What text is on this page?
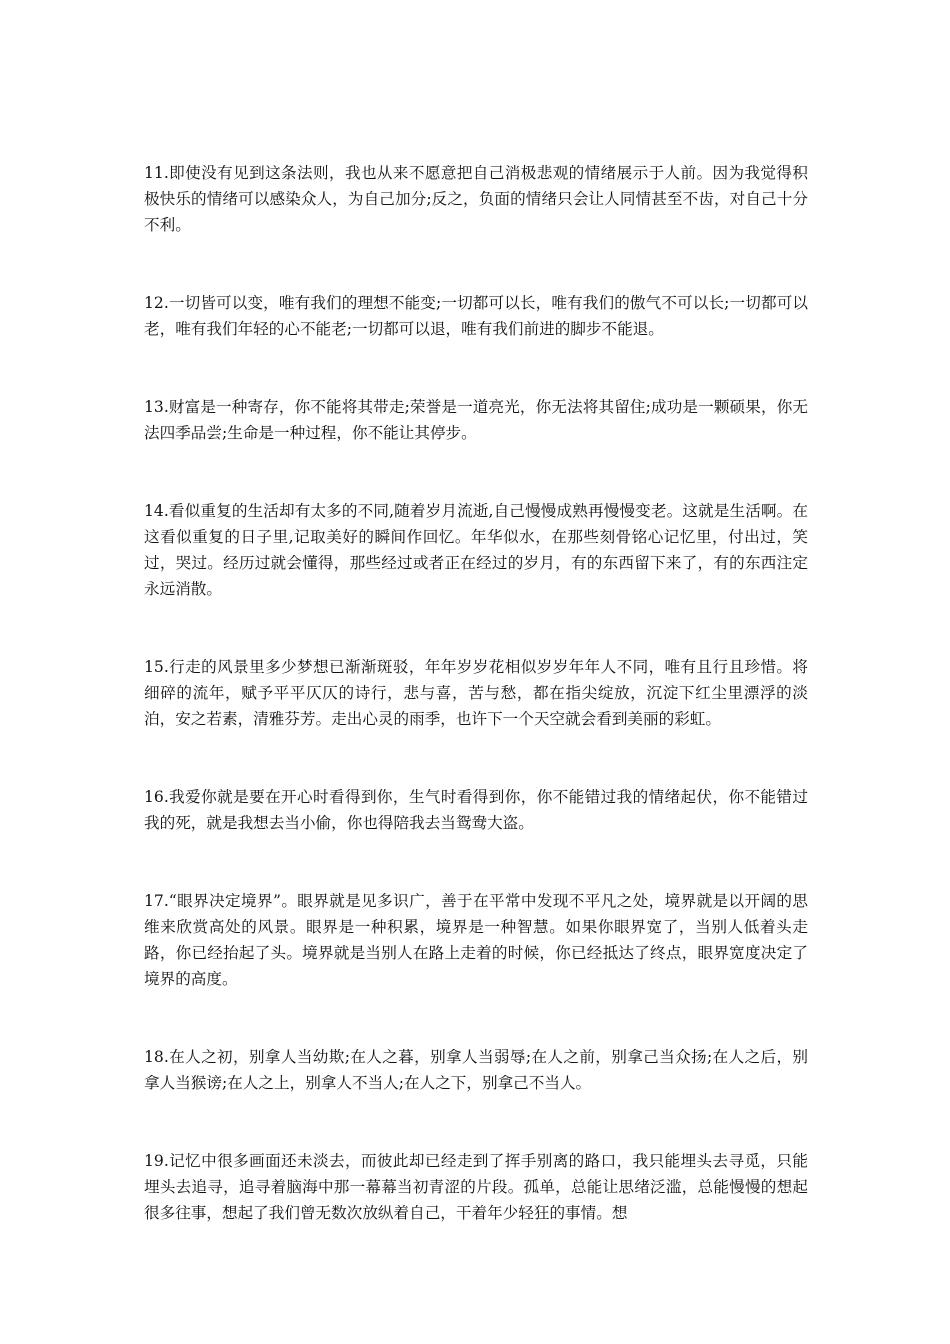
11.即使没有见到这条法则，我也从来不愿意把自己消极悲观的情绪展示于人前。因为我觉得积极快乐的情绪可以感染众人，为自己加分;反之，负面的情绪只会让人同情甚至不齿，对自己十分不利。

12.一切皆可以变，唯有我们的理想不能变;一切都可以长，唯有我们的傲气不可以长;一切都可以老，唯有我们年轻的心不能老;一切都可以退，唯有我们前进的脚步不能退。

13.财富是一种寄存，你不能将其带走;荣誉是一道亮光，你无法将其留住;成功是一颗硕果，你无法四季品尝;生命是一种过程，你不能让其停步。

14.看似重复的生活却有太多的不同,随着岁月流逝,自己慢慢成熟再慢慢变老。这就是生活啊。在这看似重复的日子里,记取美好的瞬间作回忆。年华似水，在那些刻骨铭心记忆里，付出过，笑过，哭过。经历过就会懂得，那些经过或者正在经过的岁月，有的东西留下来了，有的东西注定永远消散。

15.行走的风景里多少梦想已渐渐斑驳，年年岁岁花相似岁岁年年人不同，唯有且行且珍惜。将细碎的流年，赋予平平仄仄的诗行，悲与喜，苦与愁，都在指尖绽放，沉淀下红尘里漂浮的淡泊，安之若素，清雅芬芳。走出心灵的雨季，也许下一个天空就会看到美丽的彩虹。

16.我爱你就是要在开心时看得到你，生气时看得到你，你不能错过我的情绪起伏，你不能错过我的死，就是我想去当小偷，你也得陪我去当鸳鸯大盗。

17.“眼界决定境界”。眼界就是见多识广，善于在平常中发现不平凡之处，境界就是以开阔的思维来欣赏高处的风景。眼界是一种积累，境界是一种智慧。如果你眼界宽了，当别人低着头走路，你已经抬起了头。境界就是当别人在路上走着的时候，你已经抵达了终点，眼界宽度决定了境界的高度。

18.在人之初，别拿人当幼欺;在人之暮，别拿人当弱辱;在人之前，别拿己当众扬;在人之后，别拿人当猴谤;在人之上，别拿人不当人;在人之下，别拿己不当人。

19.记忆中很多画面还未淡去，而彼此却已经走到了挥手别离的路口，我只能埋头去寻觅，只能埋头去追寻，追寻着脑海中那一幕幕当初青涩的片段。孤单，总能让思绪泛滥，总能慢慢的想起很多往事，想起了我们曾无数次放纵着自己，干着年少轻狂的事情。想
